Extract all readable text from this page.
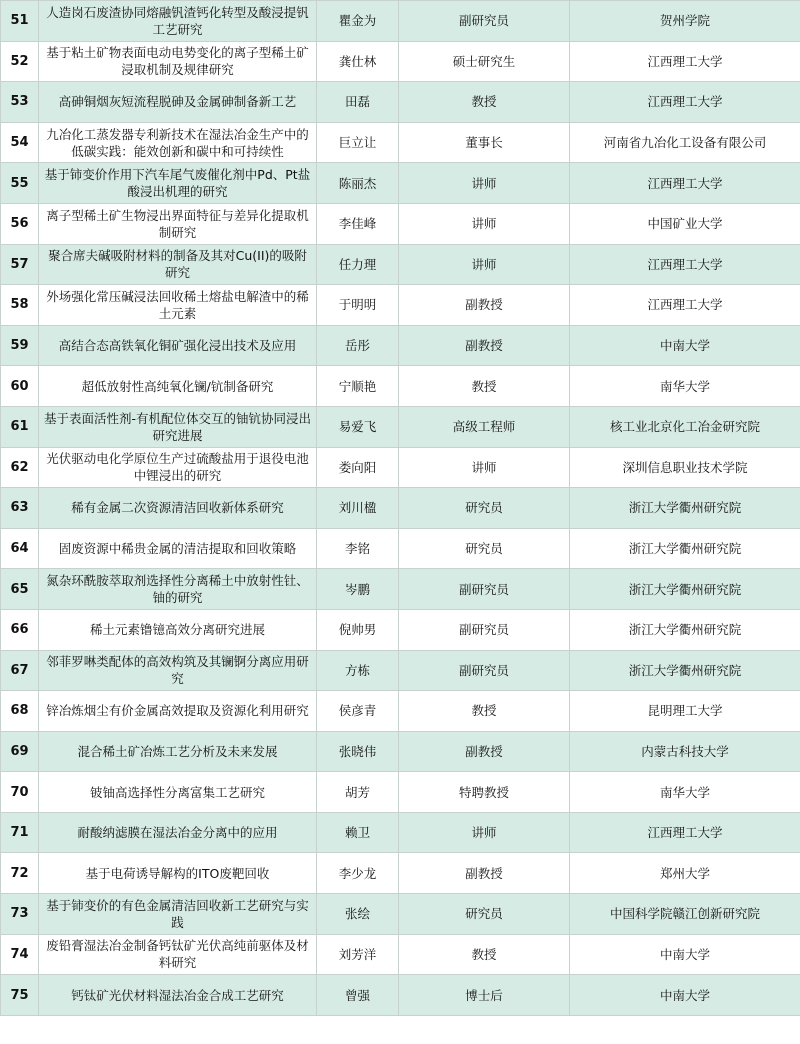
51	人造岗石废渣协同熔融钒渣钙化转型及酸浸提钒工艺研究	瞿金为	副研究员	贺州学院
52	基于粘土矿物表面电动电势变化的离子型稀土矿浸取机制及规律研究	龚仕林	硕士研究生	江西理工大学
53	高砷铜烟灰短流程脱砷及金属砷制备新工艺	田磊	教授	江西理工大学
54	九冶化工蒸发器专利新技术在湿法冶金生产中的低碳实践：能效创新和碳中和可持续性	巨立让	董事长	河南省九冶化工设备有限公司
55	基于铈变价作用下汽车尾气废催化剂中Pd、Pt盐酸浸出机理的研究	陈丽杰	讲师	江西理工大学
56	离子型稀土矿生物浸出界面特征与差异化提取机制研究	李佳峰	讲师	中国矿业大学
57	聚合席夫碱吸附材料的制备及其对Cu(II)的吸附研究	任力理	讲师	江西理工大学
58	外场强化常压碱浸法回收稀土熔盐电解渣中的稀土元素	于明明	副教授	江西理工大学
59	高结合态高铁氧化铜矿强化浸出技术及应用	岳彤	副教授	中南大学
60	超低放射性高纯氧化镧/钪制备研究	宁顺艳	教授	南华大学
61	基于表面活性剂-有机配位体交互的铀钪协同浸出研究进展	易爱飞	高级工程师	核工业北京化工冶金研究院
62	光伏驱动电化学原位生产过硫酸盐用于退役电池中锂浸出的研究	娄向阳	讲师	深圳信息职业技术学院
63	稀有金属二次资源清洁回收新体系研究	刘川楹	研究员	浙江大学衢州研究院
64	固废资源中稀贵金属的清洁提取和回收策略	李铭	研究员	浙江大学衢州研究院
65	氮杂环酰胺萃取剂选择性分离稀土中放射性钍、铀的研究	岑鹏	副研究员	浙江大学衢州研究院
66	稀土元素镥镱高效分离研究进展	倪帅男	副研究员	浙江大学衢州研究院
67	邻菲罗啉类配体的高效构筑及其镧锕分离应用研究	方栋	副研究员	浙江大学衢州研究院
68	锌冶炼烟尘有价金属高效提取及资源化利用研究	侯彦青	教授	昆明理工大学
69	混合稀土矿冶炼工艺分析及未来发展	张晓伟	副教授	内蒙古科技大学
70	铍铀高选择性分离富集工艺研究	胡芳	特聘教授	南华大学
71	耐酸纳滤膜在湿法冶金分离中的应用	赖卫	讲师	江西理工大学
72	基于电荷诱导解构的ITO废靶回收	李少龙	副教授	郑州大学
73	基于铈变价的有色金属清洁回收新工艺研究与实践	张绘	研究员	中国科学院赣江创新研究院
74	废铅膏湿法冶金制备钙钛矿光伏高纯前驱体及材料研究	刘芳洋	教授	中南大学
75	钙钛矿光伏材料湿法冶金合成工艺研究	曾强	博士后	中南大学
